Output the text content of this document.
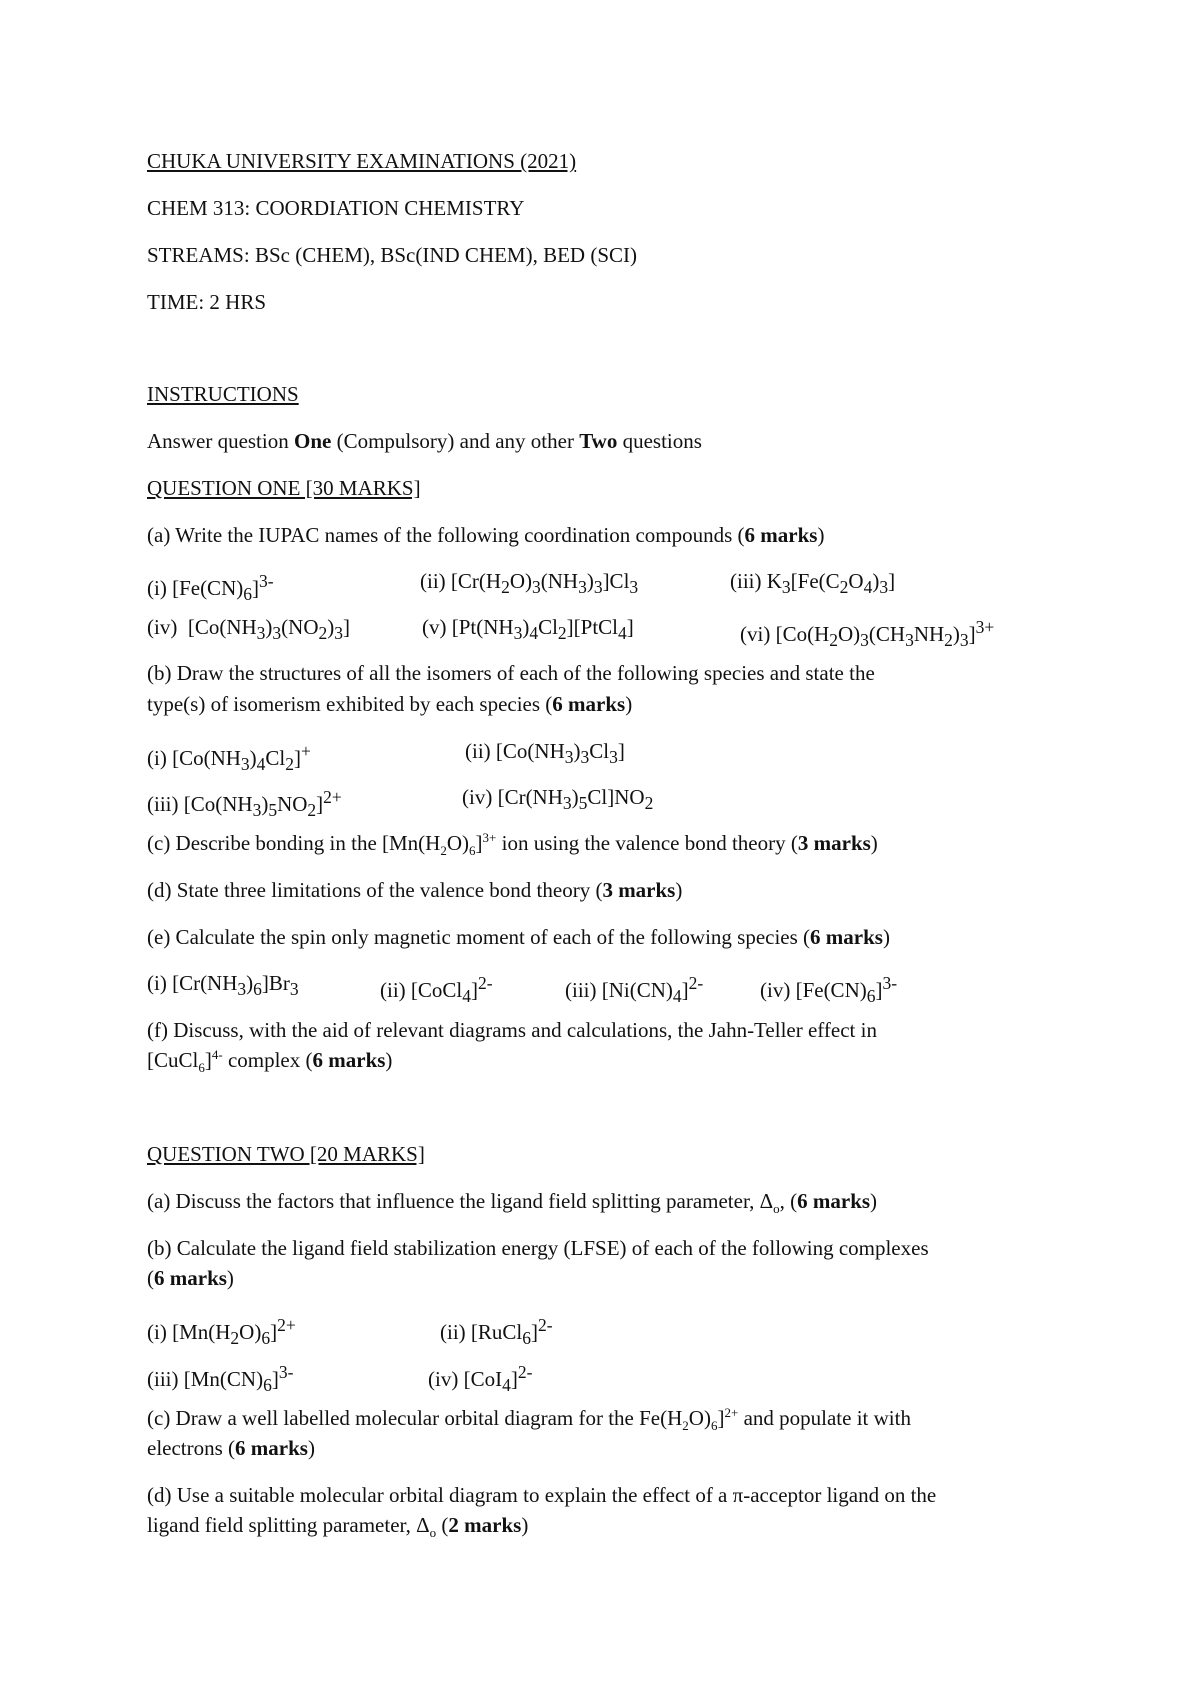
CHUKA UNIVERSITY EXAMINATIONS (2021)
CHEM 313: COORDIATION CHEMISTRY
STREAMS: BSc (CHEM), BSc(IND CHEM), BED (SCI)
TIME: 2 HRS
INSTRUCTIONS
Answer question One (Compulsory) and any other Two questions
QUESTION ONE [30 MARKS]
(a) Write the IUPAC names of the following coordination compounds (6 marks)
(i) $[Fe(CN)_6]^{3-}$	(ii) $[Cr(H_2O)_3(NH_3)_3]Cl_3$	(iii) $K_3[Fe(C_2O_4)_3]$
(iv)  $[Co(NH_3)_3(NO_2)_3]$	(v) $[Pt(NH_3)_4Cl_2][PtCl_4]$	(vi) $[Co(H_2O)_3(CH_3NH_2)_3]^{3+}$
(b) Draw the structures of all the isomers of each of the following species and state the
type(s) of isomerism exhibited by each species (6 marks)
(i) $[Co(NH_3)_4Cl_2]^+$	(ii) $[Co(NH_3)_3Cl_3]$
(iii) $[Co(NH_3)_5NO_2]^{2+}$	(iv) $[Cr(NH_3)_5Cl]NO_2$
(c) Describe bonding in the $[Mn(H_2O)_6]^{3+}$ ion using the valence bond theory (3 marks)
(d) State three limitations of the valence bond theory (3 marks)
(e) Calculate the spin only magnetic moment of each of the following species (6 marks)
(i) $[Cr(NH_3)_6]Br_3$	(ii) [CoCl$_4$]$^{2-}$	(iii) $[Ni(CN)_4]^{2-}$	(iv) $[Fe(CN)_6]^{3-}$
(f) Discuss, with the aid of relevant diagrams and calculations, the Jahn-Teller effect in
[CuCl$_6$]$^{4-}$ complex (6 marks)
QUESTION TWO [20 MARKS]
(a) Discuss the factors that influence the ligand field splitting parameter, $\Delta_o$, (6 marks)
(b) Calculate the ligand field stabilization energy (LFSE) of each of the following complexes
(6 marks)
(i) $[Mn(H_2O)_6]^{2+}$	(ii) [RuCl$_6$]$^{2-}$
(iii) $[Mn(CN)_6]^{3-}$	(iv) $[CoI_4]^{2-}$
(c) Draw a well labelled molecular orbital diagram for the $Fe(H_2O)_6]^{2+}$ and populate it with
electrons (6 marks)
(d) Use a suitable molecular orbital diagram to explain the effect of a π-acceptor ligand on the
ligand field splitting parameter, $\Delta_o$ (2 marks)
